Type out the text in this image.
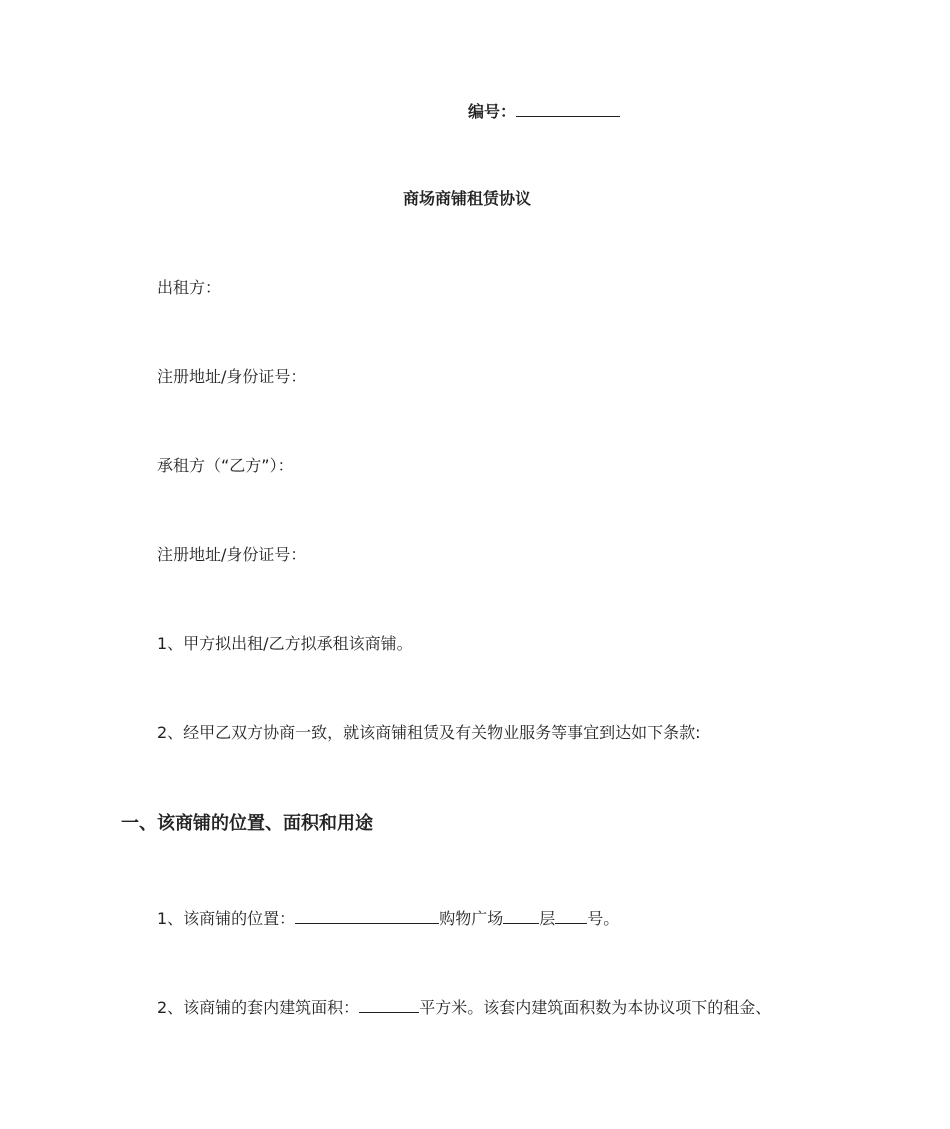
编号：
商场商铺租赁协议
出租方：
注册地址/身份证号：
承租方（“乙方”）：
注册地址/身份证号：
1、甲方拟出租/乙方拟承租该商铺。
2、经甲乙双方协商一致，就该商铺租赁及有关物业服务等事宜到达如下条款:
一、该商铺的位置、面积和用途
1、该商铺的位置：	购物广场 层 号。
2、该商铺的套内建筑面积：	平方米。该套内建筑面积数为本协议项下的租金、
